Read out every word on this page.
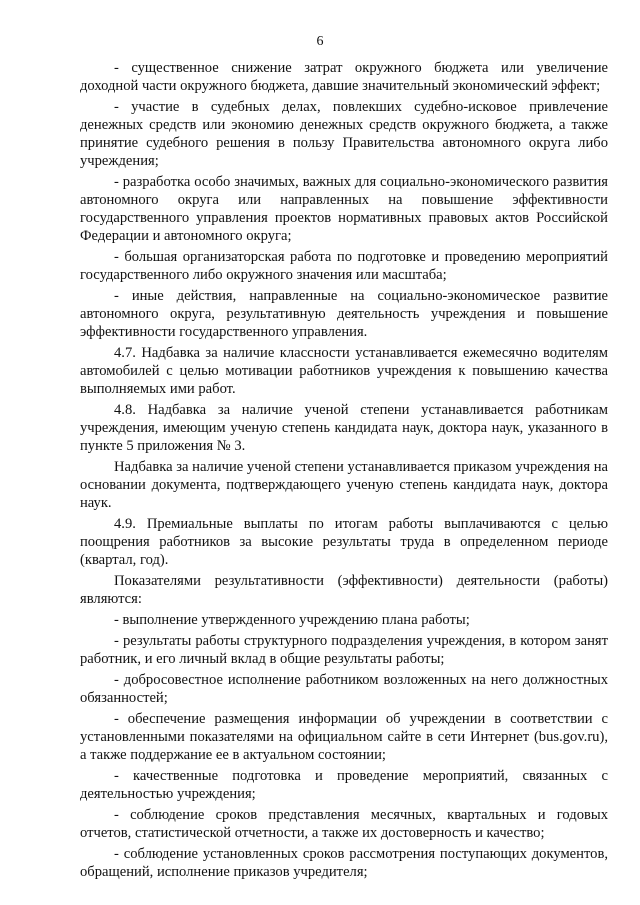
6

- существенное снижение затрат окружного бюджета или увеличение доходной части окружного бюджета, давшие значительный экономический эффект;

- участие в судебных делах, повлекших судебно-исковое привлечение денежных средств или экономию денежных средств окружного бюджета, а также принятие судебного решения в пользу Правительства автономного округа либо учреждения;

- разработка особо значимых, важных для социально-экономического развития автономного округа или направленных на повышение эффективности государственного управления проектов нормативных правовых актов Российской Федерации и автономного округа;

- большая организаторская работа по подготовке и проведению мероприятий государственного либо окружного значения или масштаба;

- иные действия, направленные на социально-экономическое развитие автономного округа, результативную деятельность учреждения и повышение эффективности государственного управления.

4.7. Надбавка за наличие классности устанавливается ежемесячно водителям автомобилей с целью мотивации работников учреждения к повышению качества выполняемых ими работ.

4.8. Надбавка за наличие ученой степени устанавливается работникам учреждения, имеющим ученую степень кандидата наук, доктора наук, указанного в пункте 5 приложения № 3.

Надбавка за наличие ученой степени устанавливается приказом учреждения на основании документа, подтверждающего ученую степень кандидата наук, доктора наук.

4.9. Премиальные выплаты по итогам работы выплачиваются с целью поощрения работников за высокие результаты труда в определенном периоде (квартал, год).

Показателями результативности (эффективности) деятельности (работы) являются:

- выполнение утвержденного учреждению плана работы;

- результаты работы структурного подразделения учреждения, в котором занят работник, и его личный вклад в общие результаты работы;

- добросовестное исполнение работником возложенных на него должностных обязанностей;

- обеспечение размещения информации об учреждении в соответствии с установленными показателями на официальном сайте в сети Интернет (bus.gov.ru), а также поддержание ее в актуальном состоянии;

- качественные подготовка и проведение мероприятий, связанных с деятельностью учреждения;

- соблюдение сроков представления месячных, квартальных и годовых отчетов, статистической отчетности, а также их достоверность и качество;

- соблюдение установленных сроков рассмотрения поступающих документов, обращений, исполнение приказов учредителя;
